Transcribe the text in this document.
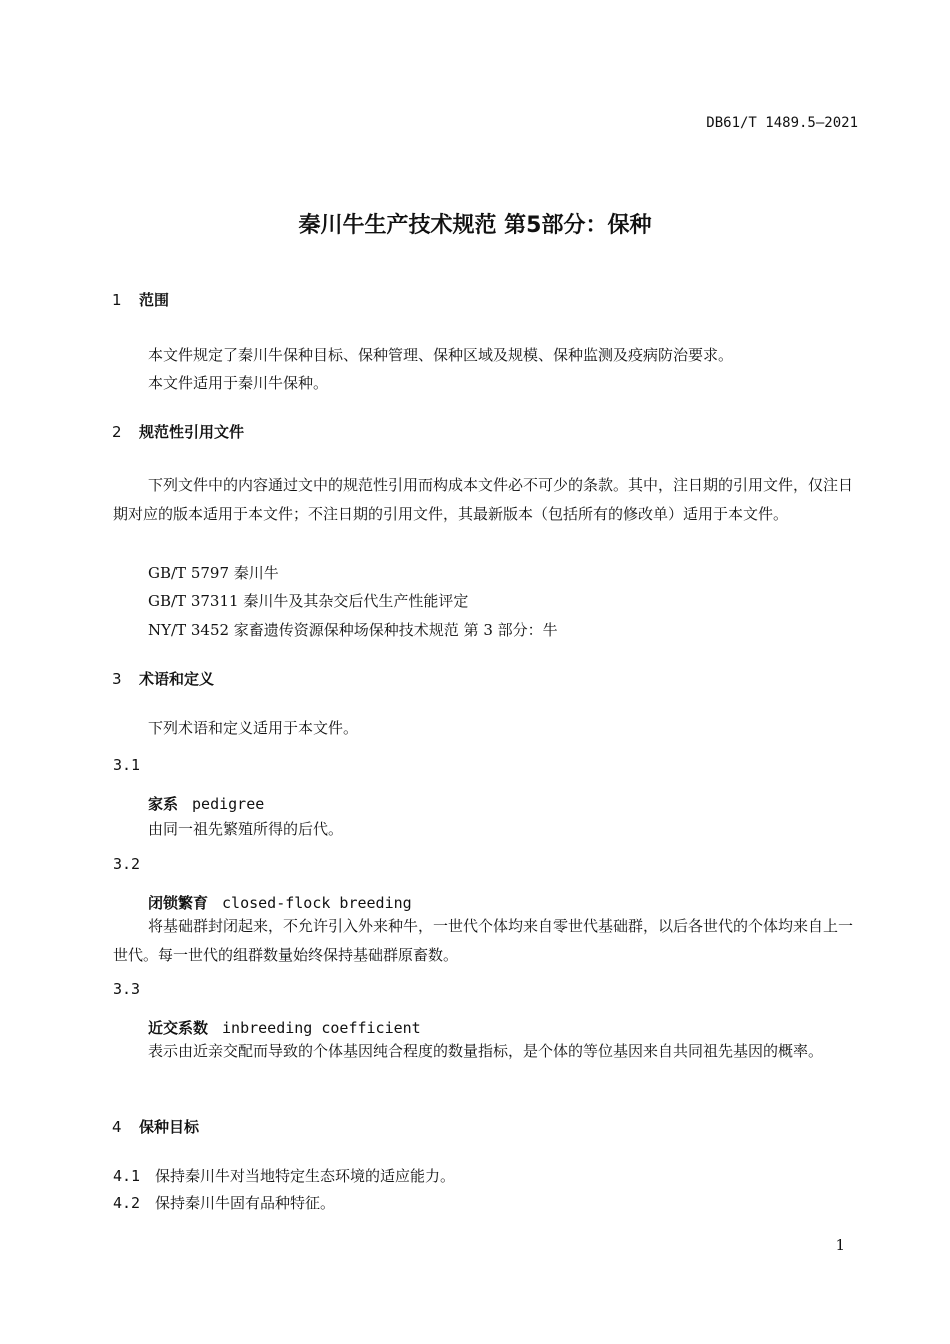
DB61/T 1489.5—2021
秦川牛生产技术规范 第5部分：保种
1 范围
本文件规定了秦川牛保种目标、保种管理、保种区域及规模、保种监测及疫病防治要求。
本文件适用于秦川牛保种。
2 规范性引用文件
下列文件中的内容通过文中的规范性引用而构成本文件必不可少的条款。其中，注日期的引用文件，仅注日期对应的版本适用于本文件；不注日期的引用文件，其最新版本（包括所有的修改单）适用于本文件。
GB/T 5797 秦川牛
GB/T 37311 秦川牛及其杂交后代生产性能评定
NY/T 3452 家畜遗传资源保种场保种技术规范 第 3 部分：牛
3 术语和定义
下列术语和定义适用于本文件。
3.1
家系 pedigree
由同一祖先繁殖所得的后代。
3.2
闭锁繁育 closed-flock breeding
将基础群封闭起来，不允许引入外来种牛，一世代个体均来自零世代基础群，以后各世代的个体均来自上一世代。每一世代的组群数量始终保持基础群原畜数。
3.3
近交系数 inbreeding coefficient
表示由近亲交配而导致的个体基因纯合程度的数量指标，是个体的等位基因来自共同祖先基因的概率。
4 保种目标
4.1 保持秦川牛对当地特定生态环境的适应能力。
4.2 保持秦川牛固有品种特征。
1
